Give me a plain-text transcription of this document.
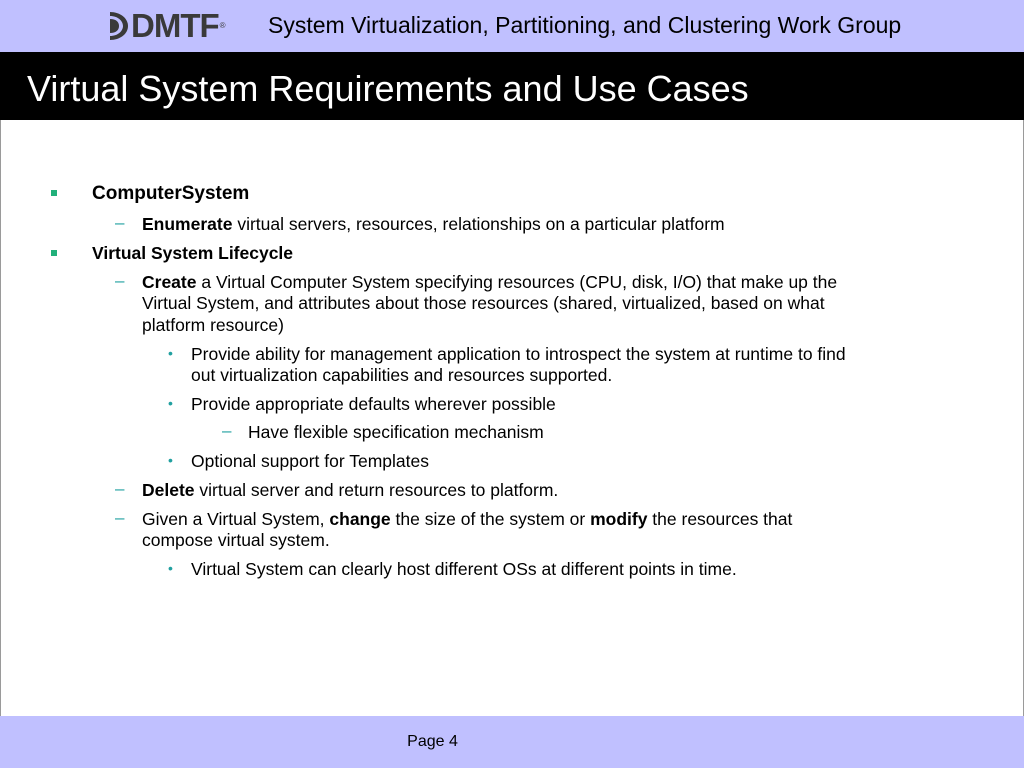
DMTF ® System Virtualization, Partitioning, and Clustering Work Group
Virtual System Requirements and Use Cases
ComputerSystem
– Enumerate virtual servers, resources, relationships on a particular platform
Virtual System Lifecycle
– Create a Virtual Computer System specifying resources (CPU, disk, I/O) that make up the
Virtual System, and attributes about those resources (shared, virtualized, based on what
platform resource)
• Provide ability for management application to introspect the system at runtime to find
out virtualization capabilities and resources supported.
• Provide appropriate defaults wherever possible
– Have flexible specification mechanism
• Optional support for Templates
– Delete virtual server and return resources to platform.
– Given a Virtual System, change the size of the system or modify the resources that
compose virtual system.
• Virtual System can clearly host different OSs at different points in time.
Page 4
